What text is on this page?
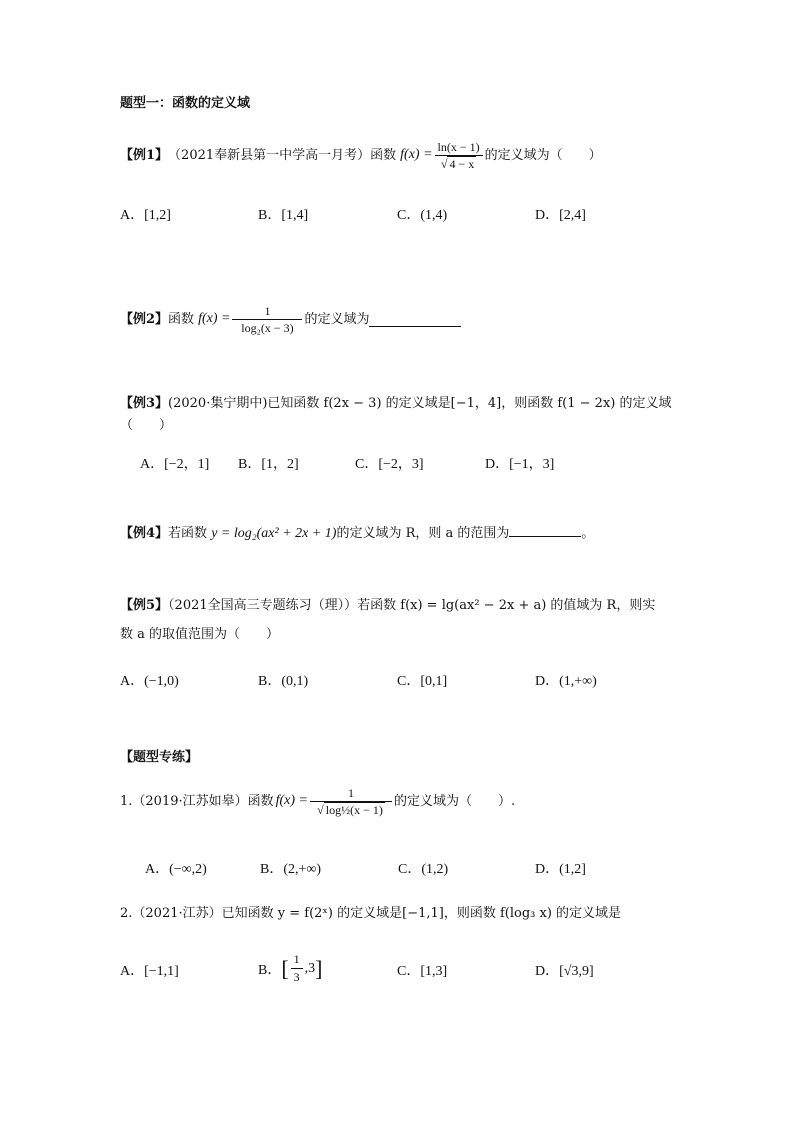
题型一：函数的定义域
【例1】 （2021奉新县第一中学高一月考） 函数 $f(x) = \frac{\ln(x - 1)}{√ 4 - x}$ 的定义域为（　　）
A．[1,2]	B．[1,4]	C．(1,4)	D．[2,4]
【例2】 函数 $f(x) = \frac{1}{\text{log₂(x − 3)}}$ 的定义域为
【例3】(2020·集宁期中)已知函数 f(2x − 3) 的定义域是[−1，4]，则函数 f(1 − 2x) 的定义域
（　　）
A．[−2，1] B．[1，2]	C．[−2，3]	D．[−1，3]
【例4】若函数 y = log₂(ax² + 2x + 1)的定义域为 R，则 a 的范围为	。
【例5】（2021全国高三专题练习（理））若函数 f(x) = lg(ax² − 2x + a) 的值域为 R，则实
数 a 的取值范围为（　　）
A．(−1,0)	B．(0,1)	C．[0,1]	D．(1,+∞)
【题型专练】
1.（2019·江苏如皋）函数 $f(x) = \frac{1}{\text{√ log½(x − 1)}}$ 的定义域为（　　）.
A．(−∞,2)	B．(2,+∞)	C．(1,2)	D．(1,2]
2.（2021·江苏）已知函数 y = f(2ˣ) 的定义域是[−1,1]，则函数 f(log₃ x) 的定义域是
A．[−1,1]	B． [ $\frac{1}{3} ,3$ ]	C．[1,3]	D．[√3,9]
